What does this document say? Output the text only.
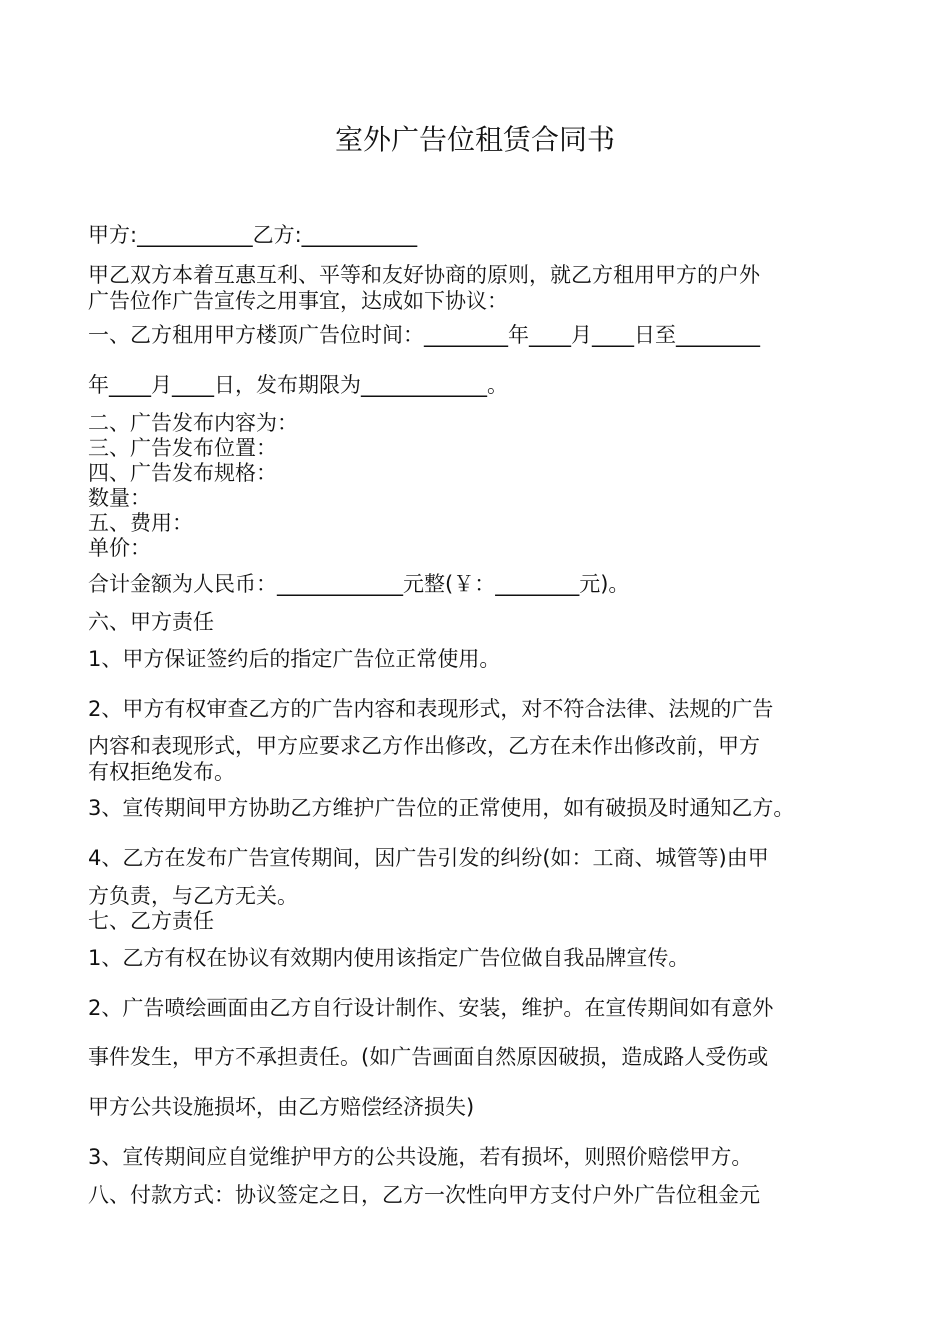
室外广告位租赁合同书
甲方:___________乙方:___________
甲乙双方本着互惠互利、平等和友好协商的原则，就乙方租用甲方的户外
广告位作广告宣传之用事宜，达成如下协议：
一、乙方租用甲方楼顶广告位时间：________年____月____日至________
年____月____日，发布期限为____________。
二、广告发布内容为：
三、广告发布位置：
四、广告发布规格：
数量：
五、费用：
单价：
合计金额为人民币：____________元整(￥：________元)。
六、甲方责任
1、甲方保证签约后的指定广告位正常使用。
2、甲方有权审查乙方的广告内容和表现形式，对不符合法律、法规的广告
内容和表现形式，甲方应要求乙方作出修改，乙方在未作出修改前，甲方
有权拒绝发布。
3、宣传期间甲方协助乙方维护广告位的正常使用，如有破损及时通知乙方。
4、乙方在发布广告宣传期间，因广告引发的纠纷(如：工商、城管等)由甲
方负责，与乙方无关。
七、乙方责任
1、乙方有权在协议有效期内使用该指定广告位做自我品牌宣传。
2、广告喷绘画面由乙方自行设计制作、安装，维护。在宣传期间如有意外
事件发生，甲方不承担责任。(如广告画面自然原因破损，造成路人受伤或
甲方公共设施损坏，由乙方赔偿经济损失)
3、宣传期间应自觉维护甲方的公共设施，若有损坏，则照价赔偿甲方。
八、付款方式：协议签定之日，乙方一次性向甲方支付户外广告位租金元
